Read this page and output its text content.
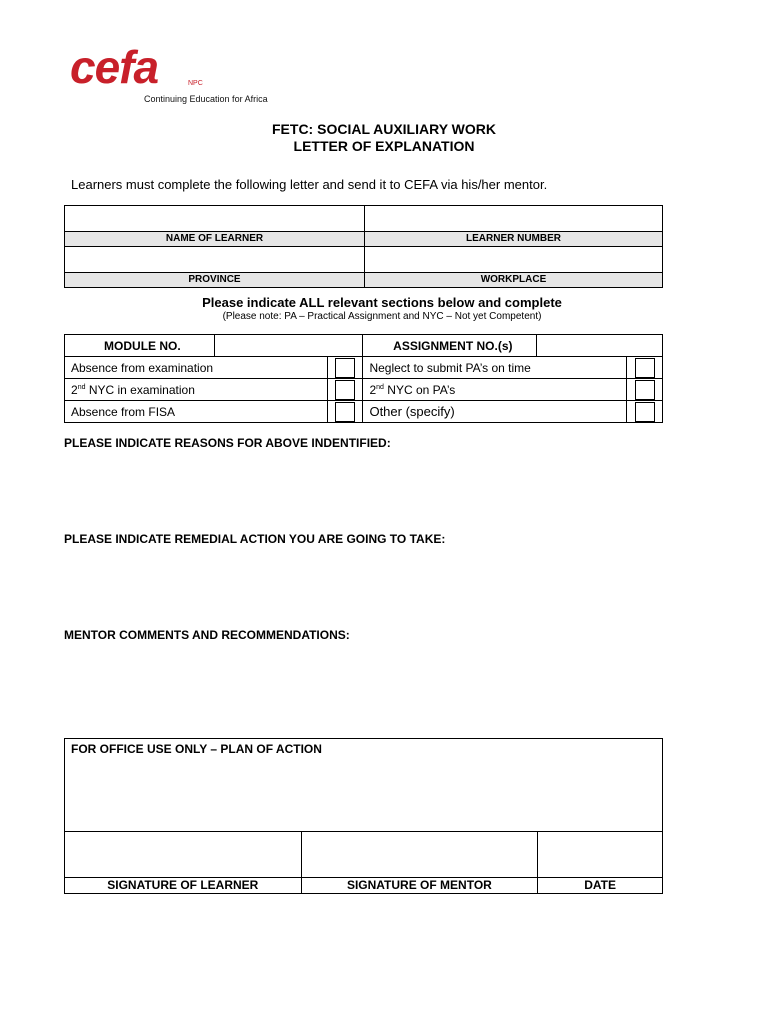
cefa	NPC
Continuing Education for Africa
FETC: SOCIAL AUXILIARY WORK
LETTER OF EXPLANATION
Learners must complete the following letter and send it to CEFA via his/her mentor.

NAME OF LEARNER	LEARNER NUMBER

PROVINCE	WORKPLACE
Please indicate ALL relevant sections below and complete
(Please note: PA – Practical Assignment and NYC – Not yet Competent)
MODULE NO.			ASSIGNMENT NO.(s)		
Absence from examination			Neglect to submit PA’s on time		

2nd NYC in examination			2nd NYC on PA’s		

Absence from FISA			Other (specify)		
PLEASE INDICATE REASONS FOR ABOVE INDENTIFIED:
PLEASE INDICATE REMEDIAL ACTION YOU ARE GOING TO TAKE:
MENTOR COMMENTS AND RECOMMENDATIONS:
FOR OFFICE USE ONLY – PLAN OF ACTION		

SIGNATURE OF LEARNER	SIGNATURE OF MENTOR	DATE
